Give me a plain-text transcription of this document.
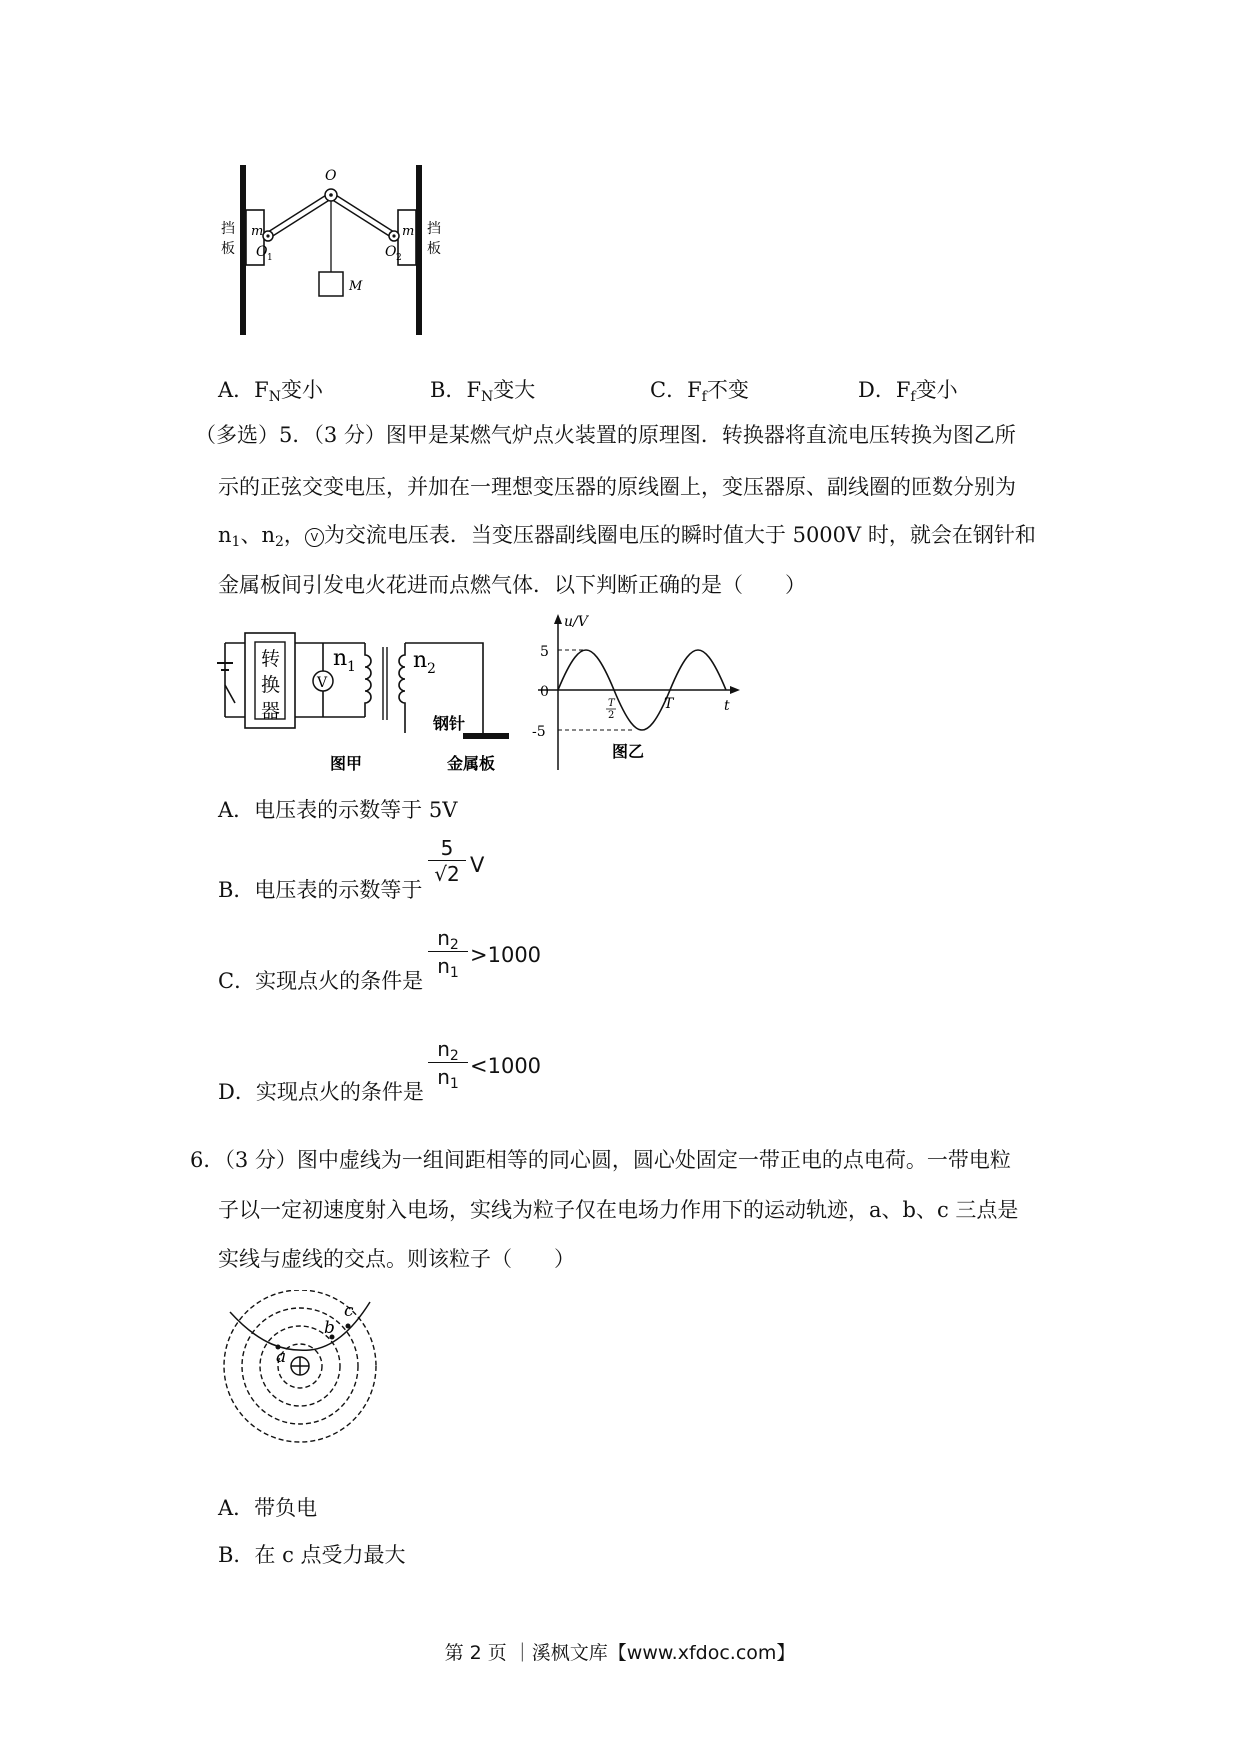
O
m	m
O 1	O 2
M
挡
板
挡
板
A．$F_N$变小	B．$F_N$变大	C．$F_f$不变	D．$F_f$变小
（多选）5．（3 分）图甲是某燃气炉点火装置的原理图．转换器将直流电压转换为图乙所
示的正弦交变电压，并加在一理想变压器的原线圈上，变压器原、副线圈的匝数分别为
$n_1$、$n_2$， V 为交流电压表．当变压器副线圈电压的瞬时值大于 5000V 时，就会在钢针和
金属板间引发电火花进而点燃气体．以下判断正确的是（　　）
V
转
换
器
n 1	n 2
钢针
图甲	金属板
u/V
5
0
-5
T
2
T	t
图乙
A．电压表的示数等于 5V
B．电压表的示数等于
$\frac{5}{√2}$ V
C．实现点火的条件是
$\frac{n_2}{n_1} >1000$
D．实现点火的条件是
$\frac{n_2}{n_1} <1000$
6．（3 分）图中虚线为一组间距相等的同心圆，圆心处固定一带正电的点电荷。一带电粒
子以一定初速度射入电场，实线为粒子仅在电场力作用下的运动轨迹，a、b、c 三点是
实线与虚线的交点。则该粒子（　　）
a
b
c
A．带负电
B．在 c 点受力最大
第 2 页 ｜溪枫文库【www.xfdoc.com】
